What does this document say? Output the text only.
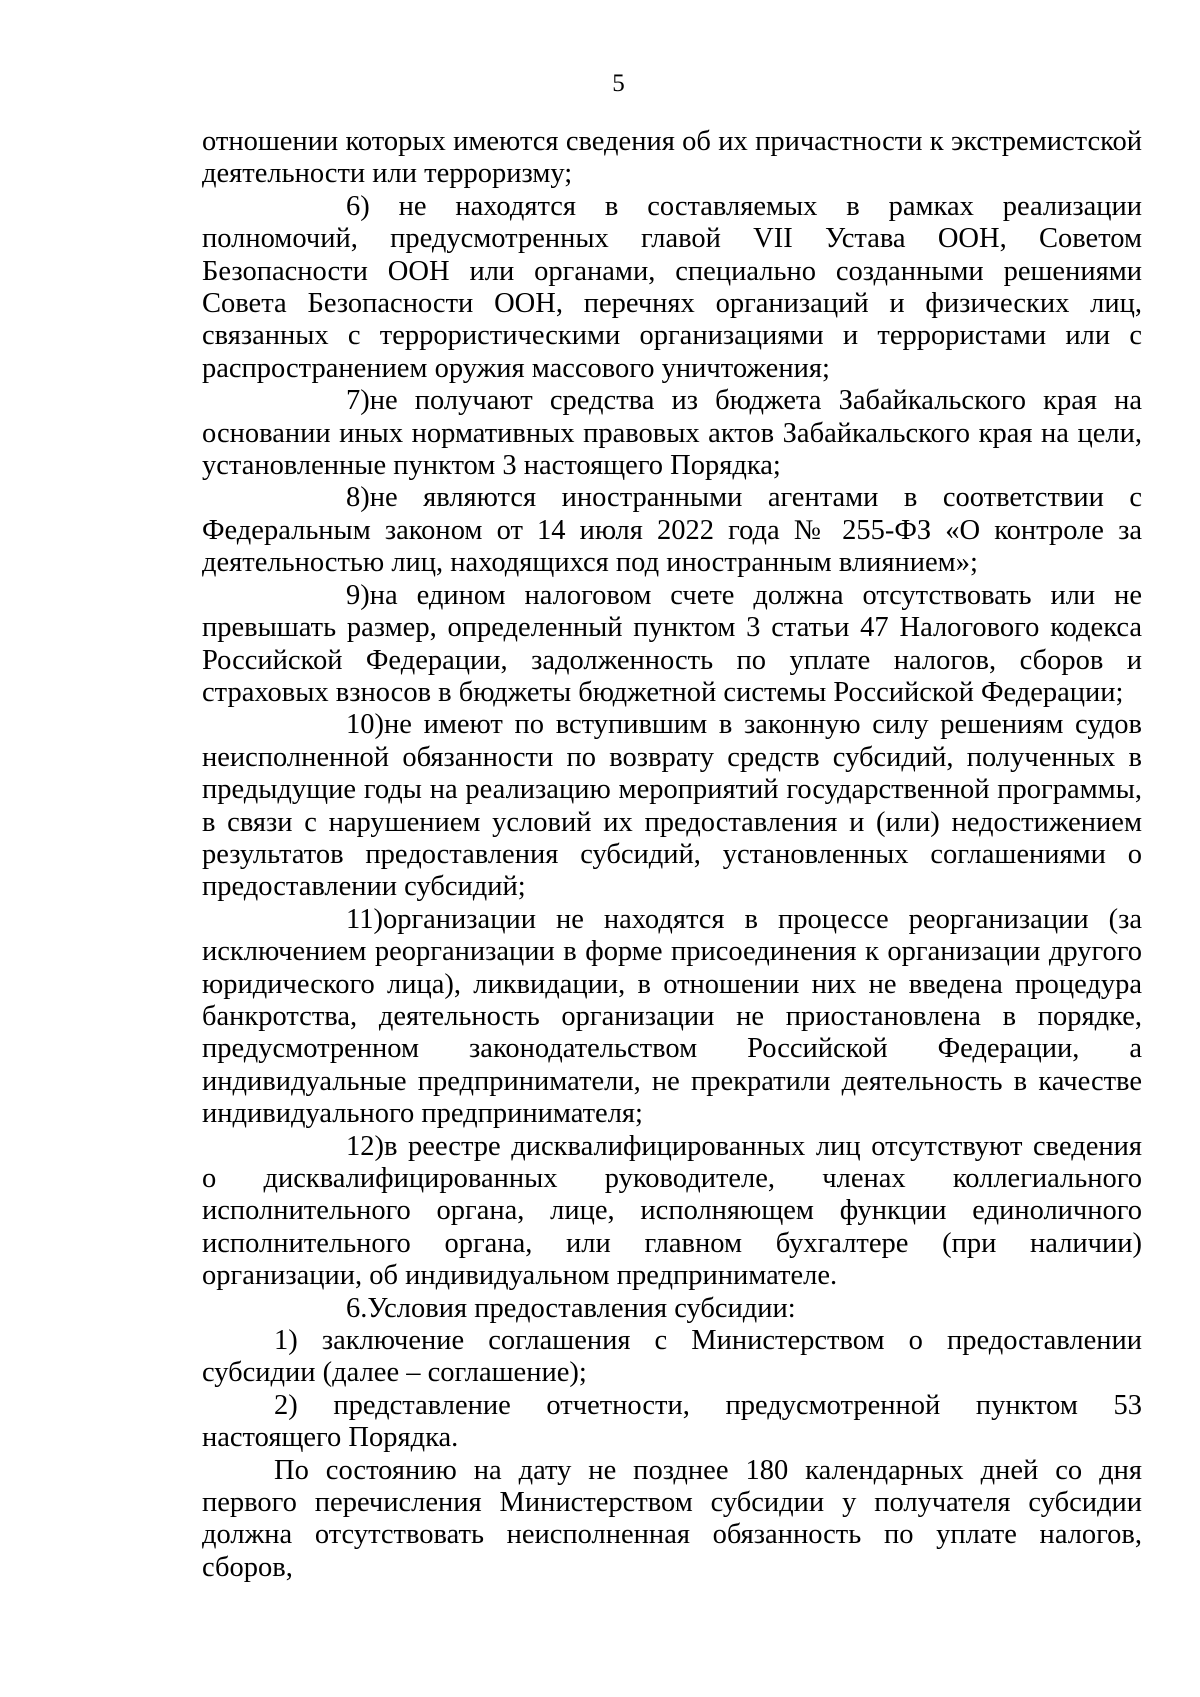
5

отношении которых имеются сведения об их причастности к экстремистской деятельности или терроризму;

6) не находятся в составляемых в рамках реализации полномочий, предусмотренных главой VII Устава ООН, Советом Безопасности ООН или органами, специально созданными решениями Совета Безопасности ООН, перечнях организаций и физических лиц, связанных с террористическими организациями и террористами или с распространением оружия массового уничтожения;

7)не получают средства из бюджета Забайкальского края на основании иных нормативных правовых актов Забайкальского края на цели, установленные пунктом 3 настоящего Порядка;

8)не являются иностранными агентами в соответствии с Федеральным законом от 14 июля 2022 года № 255-ФЗ «О контроле за деятельностью лиц, находящихся под иностранным влиянием»;

9)на едином налоговом счете должна отсутствовать или не превышать размер, определенный пунктом 3 статьи 47 Налогового кодекса Российской Федерации, задолженность по уплате налогов, сборов и страховых взносов в бюджеты бюджетной системы Российской Федерации;

10)не имеют по вступившим в законную силу решениям судов неисполненной обязанности по возврату средств субсидий, полученных в предыдущие годы на реализацию мероприятий государственной программы, в связи с нарушением условий их предоставления и (или) недостижением результатов предоставления субсидий, установленных соглашениями о предоставлении субсидий;

11)организации не находятся в процессе реорганизации (за исключением реорганизации в форме присоединения к организации другого юридического лица), ликвидации, в отношении них не введена процедура банкротства, деятельность организации не приостановлена в порядке, предусмотренном законодательством Российской Федерации, а индивидуальные предприниматели, не прекратили деятельность в качестве индивидуального предпринимателя;

12)в реестре дисквалифицированных лиц отсутствуют сведения о дисквалифицированных руководителе, членах коллегиального исполнительного органа, лице, исполняющем функции единоличного исполнительного органа, или главном бухгалтере (при наличии) организации, об индивидуальном предпринимателе.

6.Условия предоставления субсидии:

1) заключение соглашения с Министерством о предоставлении субсидии (далее – соглашение);

2) представление отчетности, предусмотренной пунктом 53 настоящего Порядка.

По состоянию на дату не позднее 180 календарных дней со дня первого перечисления Министерством субсидии у получателя субсидии должна отсутствовать неисполненная обязанность по уплате налогов, сборов,
